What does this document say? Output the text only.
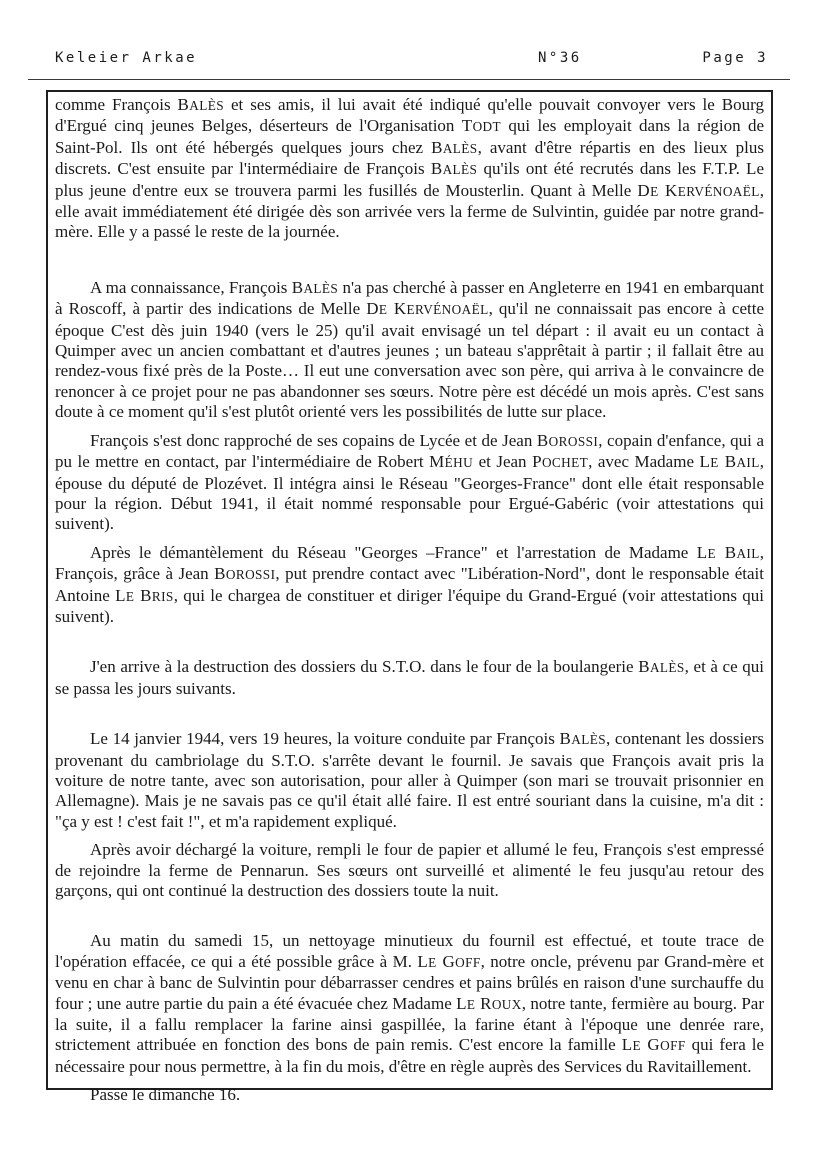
Keleier Arkae	N°36	Page 3

comme François BALÈS et ses amis, il lui avait été indiqué qu'elle pouvait convoyer vers le Bourg d'Ergué cinq jeunes Belges, déserteurs de l'Organisation TODT qui les employait dans la région de Saint-Pol. Ils ont été hébergés quelques jours chez BALÈS, avant d'être répartis en des lieux plus discrets. C'est ensuite par l'intermédiaire de François BALÈS qu'ils ont été recrutés dans les F.T.P. Le plus jeune d'entre eux se trouvera parmi les fusillés de Mousterlin. Quant à Melle DE KERVÉNOAËL, elle avait immédiatement été dirigée dès son arrivée vers la ferme de Sulvintin, guidée par notre grand-mère. Elle y a passé le reste de la journée.

A ma connaissance, François BALÈS n'a pas cherché à passer en Angleterre en 1941 en embarquant à Roscoff, à partir des indications de Melle DE KERVÉNOAËL, qu'il ne connaissait pas encore à cette époque C'est dès juin 1940 (vers le 25) qu'il avait envisagé un tel départ : il avait eu un contact à Quimper avec un ancien combattant et d'autres jeunes ; un bateau s'apprêtait à partir ; il fallait être au rendez-vous fixé près de la Poste… Il eut une conversation avec son père, qui arriva à le convaincre de renoncer à ce projet pour ne pas abandonner ses sœurs. Notre père est décédé un mois après. C'est sans doute à ce moment qu'il s'est plutôt orienté vers les possibilités de lutte sur place.

François s'est donc rapproché de ses copains de Lycée et de Jean BOROSSI, copain d'enfance, qui a pu le mettre en contact, par l'intermédiaire de Robert MÉHU et Jean POCHET, avec Madame LE BAIL, épouse du député de Plozévet. Il intégra ainsi le Réseau "Georges-France" dont elle était responsable pour la région. Début 1941, il était nommé responsable pour Ergué-Gabéric (voir attestations qui suivent).

Après le démantèlement du Réseau "Georges –France" et l'arrestation de Madame LE BAIL, François, grâce à Jean BOROSSI, put prendre contact avec "Libération-Nord", dont le responsable était Antoine LE BRIS, qui le chargea de constituer et diriger l'équipe du Grand-Ergué (voir attestations qui suivent).

J'en arrive à la destruction des dossiers du S.T.O. dans le four de la boulangerie BALÈS, et à ce qui se passa les jours suivants.

Le 14 janvier 1944, vers 19 heures, la voiture conduite par François BALÈS, contenant les dossiers provenant du cambriolage du S.T.O. s'arrête devant le fournil. Je savais que François avait pris la voiture de notre tante, avec son autorisation, pour aller à Quimper (son mari se trouvait prisonnier en Allemagne). Mais je ne savais pas ce qu'il était allé faire. Il est entré souriant dans la cuisine, m'a dit : "ça y est ! c'est fait !", et m'a rapidement expliqué.

Après avoir déchargé la voiture, rempli le four de papier et allumé le feu, François s'est empressé de rejoindre la ferme de Pennarun. Ses sœurs ont surveillé et alimenté le feu jusqu'au retour des garçons, qui ont continué la destruction des dossiers toute la nuit.

Au matin du samedi 15, un nettoyage minutieux du fournil est effectué, et toute trace de l'opération effacée, ce qui a été possible grâce à M. LE GOFF, notre oncle, prévenu par Grand-mère et venu en char à banc de Sulvintin pour débarrasser cendres et pains brûlés en raison d'une surchauffe du four ; une autre partie du pain a été évacuée chez Madame LE ROUX, notre tante, fermière au bourg. Par la suite, il a fallu remplacer la farine ainsi gaspillée, la farine étant à l'époque une denrée rare, strictement attribuée en fonction des bons de pain remis. C'est encore la famille LE GOFF qui fera le nécessaire pour nous permettre, à la fin du mois, d'être en règle auprès des Services du Ravitaillement.

Passe le dimanche 16.
